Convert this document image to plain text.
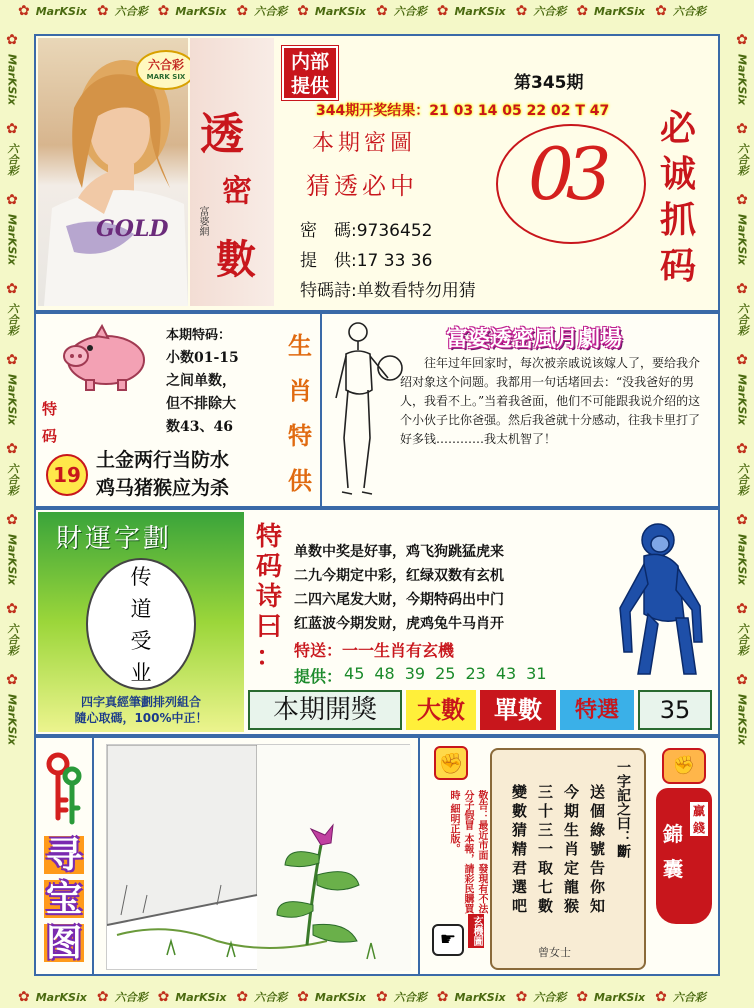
✿ MarKSix ✿ 六合彩 ✿ MarKSix ✿ 六合彩 ✿ MarKSix ✿ 六合彩 ✿ MarKSix ✿ 六合彩 ✿ MarKSix ✿ 六合彩
✿ MarKSix ✿ 六合彩 ✿ MarKSix ✿ 六合彩 ✿ MarKSix ✿ 六合彩 ✿ MarKSix ✿ 六合彩 ✿ MarKSix ✿ 六合彩
✿
MarKSix
✿
六合彩
✿
MarKSix
✿
六合彩
✿
MarKSix
✿
六合彩
✿
MarKSix
✿
六合彩
✿
MarKSix
✿
MarKSix
✿
六合彩
✿
MarKSix
✿
六合彩
✿
MarKSix
✿
六合彩
✿
MarKSix
✿
六合彩
✿
MarKSix
GOLD
六合彩
MARK SIX
透
密
數
富婆網
内部提供	第345期
344期开奖结果：21 03 14 05 22 02 T 47
本期密圖
猜透必中
密　碼:9736452
提　供:17 33 36
特碼詩:单数看特勿用猜
03
必
诚
抓
码
特
码
19
本期特码：
小数01-15
之间单数，
但不排除大
数43、46
土金两行当防水
鸡马猪猴应为杀
生
肖
特
供
富婆透密風月劇場
往年过年回家时，每次被亲戚说该嫁人了，要给我介绍对象这个问题。我都用一句话堵回去：“没我爸好的男人，我看不上。”当着我爸面，他们不可能跟我说介绍的这个小伙子比你爸强。然后我爸就十分感动，往我卡里打了好多钱…………我太机智了！
財運字劃
传
道
受
业
四字真經筆劃排列組合
隨心取碼，100%中正！
特
码
诗
曰
：
单数中奖是好事，鸡飞狗跳猛虎来
二九今期定中彩，红绿双数有玄机
二四六尾发大财，今期特码出中门
红蓝波今期发财，虎鸡兔牛马肖开
特送：一一生肖有玄機
提供： 45 48 39 25 23 43 31
本期開獎	大數	單數	特選	35
寻
宝
图
✊
敬告：最近市面 發現有不法分子假冒 本報，請彩民購買時 細明正版。
☛	玄機圖
一字記之曰：斷
送個綠號告你知
今期生肖定龍猴
三十三一取七數
變數猜精君選吧
曾女士
✊
贏
錢
錦
囊
